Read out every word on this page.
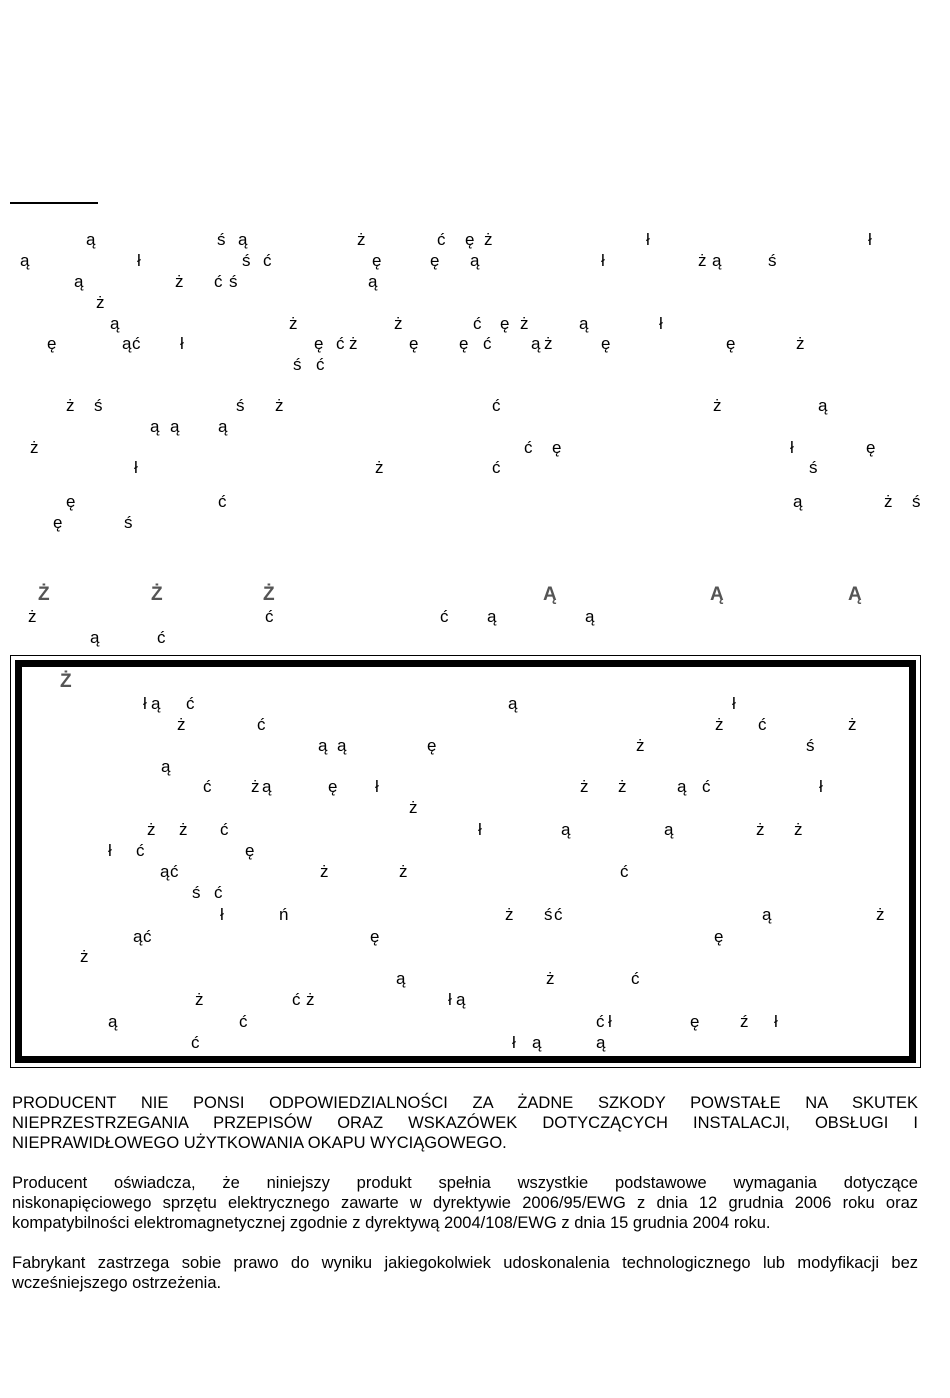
ą	ś ą	ż	ć ę ż	ł	ł
ą	ł	ś ć	ę	ę ą	ł	ż ą	ś
ą	ż ć ś	ą
ż
ą	ż	ż	ć ę ż	ą	ł
ę	ą ć ł	ę ć ż	ę ę ć ą ż	ę	ę	ż
ś ć
ż ś	ś ż	ć	ż	ą
ą ą ą
ż	ć ę	ł	ę
ł	ż	ć	ś
ę	ć	ą	ż ś
ę	ś
ż	ć	ć ą	ą
ą	ć
ł ą ć	ą	ł
ż	ć	ż ć	ż
ą ą	ę	ż	ś
ą
ć ż ą	ę ł	ż ż	ą ć	ł
ż
ż ż ć	ł	ą	ą	ż ż
ł ć	ę
ą ć	ż	ż	ć
ś ć
ł	ń	ż ś ć	ą	ż
ą ć	ę	ę
ż
ą	ż	ć
ż	ć ż	ł ą
ą	ć	ć ł	ę ź ł
ć	ł ą	ą
Ż	Ż	Ż	Ą	Ą	Ą
Ż
PRODUCENT NIE PONSI ODPOWIEDZIALNOŚCI ZA ŻADNE SZKODY POWSTAŁE NA SKUTEK
NIEPRZESTRZEGANIA PRZEPISÓW ORAZ WSKAZÓWEK DOTYCZĄCYCH INSTALACJI, OBSŁUGI I
NIEPRAWIDŁOWEGO UŻYTKOWANIA OKAPU WYCIĄGOWEGO.
Producent oświadcza, że niniejszy produkt spełnia wszystkie podstawowe wymagania dotyczące
niskonapięciowego sprzętu elektrycznego zawarte w dyrektywie 2006/95/EWG z dnia 12 grudnia 2006 roku oraz
kompatybilności elektromagnetycznej zgodnie z dyrektywą 2004/108/EWG z dnia 15 grudnia 2004 roku.
Fabrykant zastrzega sobie prawo do wyniku jakiegokolwiek udoskonalenia technologicznego lub modyfikacji bez
wcześniejszego ostrzeżenia.
